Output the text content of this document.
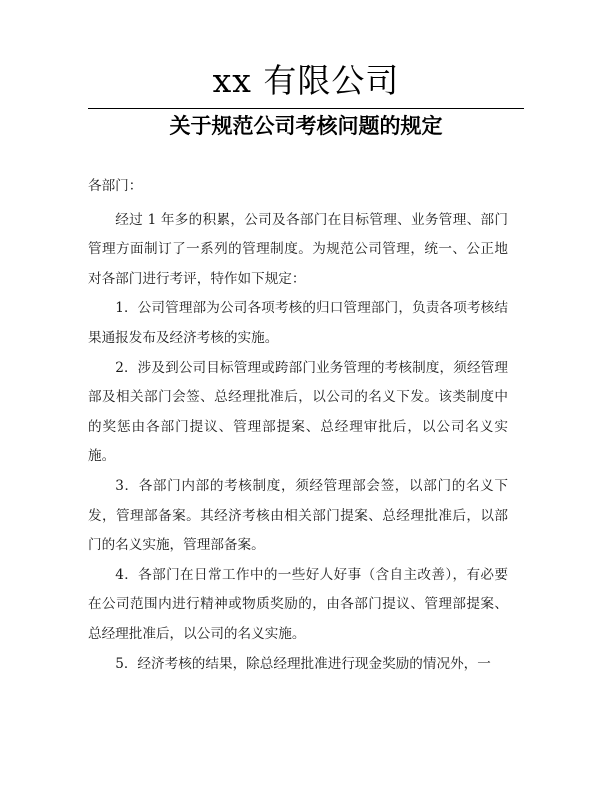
xx 有限公司
关于规范公司考核问题的规定

各部门：

经过 1 年多的积累，公司及各部门在目标管理、业务管理、部门管理方面制订了一系列的管理制度。为规范公司管理，统一、公正地对各部门进行考评，特作如下规定：

1．公司管理部为公司各项考核的归口管理部门，负责各项考核结果通报发布及经济考核的实施。

2．涉及到公司目标管理或跨部门业务管理的考核制度，须经管理部及相关部门会签、总经理批准后，以公司的名义下发。该类制度中的奖惩由各部门提议、管理部提案、总经理审批后，以公司名义实施。

3．各部门内部的考核制度，须经管理部会签，以部门的名义下发，管理部备案。其经济考核由相关部门提案、总经理批准后，以部门的名义实施，管理部备案。

4．各部门在日常工作中的一些好人好事（含自主改善），有必要在公司范围内进行精神或物质奖励的，由各部门提议、管理部提案、总经理批准后，以公司的名义实施。

5．经济考核的结果，除总经理批准进行现金奖励的情况外，一
